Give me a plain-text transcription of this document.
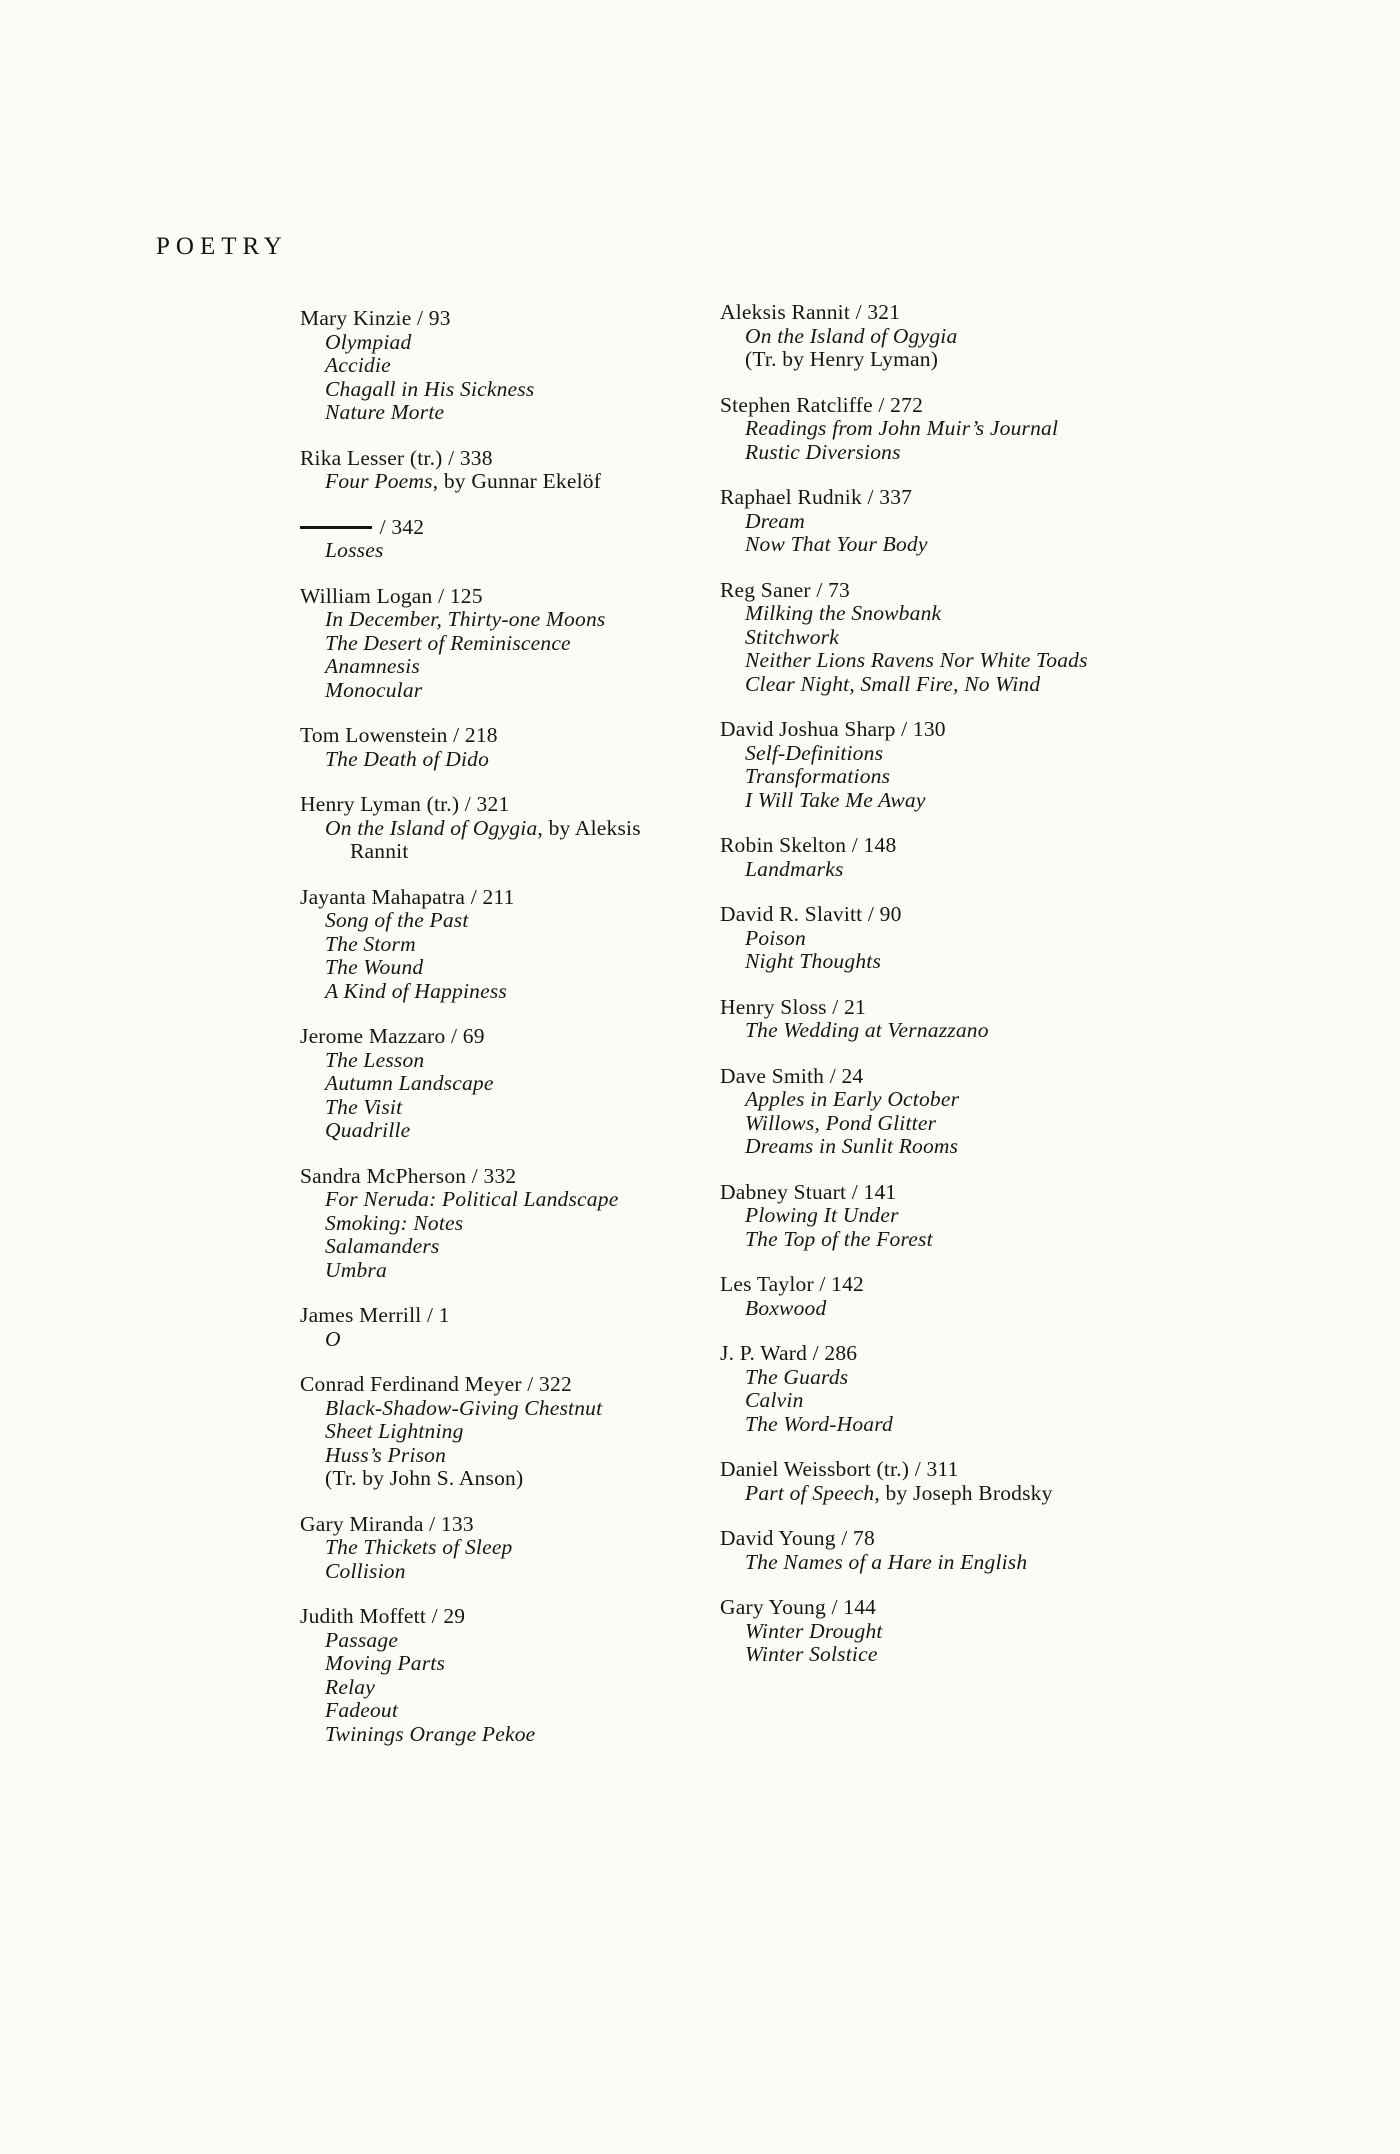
POETRY
Mary Kinzie / 93
Olympiad
Accidie
Chagall in His Sickness
Nature Morte
Rika Lesser (tr.) / 338
Four Poems, by Gunnar Ekelöf
/ 342
Losses
William Logan / 125
In December, Thirty-one Moons
The Desert of Reminiscence
Anamnesis
Monocular
Tom Lowenstein / 218
The Death of Dido
Henry Lyman (tr.) / 321
On the Island of Ogygia, by Aleksis
Rannit
Jayanta Mahapatra / 211
Song of the Past
The Storm
The Wound
A Kind of Happiness
Jerome Mazzaro / 69
The Lesson
Autumn Landscape
The Visit
Quadrille
Sandra McPherson / 332
For Neruda: Political Landscape
Smoking: Notes
Salamanders
Umbra
James Merrill / 1
O
Conrad Ferdinand Meyer / 322
Black-Shadow-Giving Chestnut
Sheet Lightning
Huss’s Prison
(Tr. by John S. Anson)
Gary Miranda / 133
The Thickets of Sleep
Collision
Judith Moffett / 29
Passage
Moving Parts
Relay
Fadeout
Twinings Orange Pekoe
Aleksis Rannit / 321
On the Island of Ogygia
(Tr. by Henry Lyman)
Stephen Ratcliffe / 272
Readings from John Muir’s Journal
Rustic Diversions
Raphael Rudnik / 337
Dream
Now That Your Body
Reg Saner / 73
Milking the Snowbank
Stitchwork
Neither Lions Ravens Nor White Toads
Clear Night, Small Fire, No Wind
David Joshua Sharp / 130
Self-Definitions
Transformations
I Will Take Me Away
Robin Skelton / 148
Landmarks
David R. Slavitt / 90
Poison
Night Thoughts
Henry Sloss / 21
The Wedding at Vernazzano
Dave Smith / 24
Apples in Early October
Willows, Pond Glitter
Dreams in Sunlit Rooms
Dabney Stuart / 141
Plowing It Under
The Top of the Forest
Les Taylor / 142
Boxwood
J. P. Ward / 286
The Guards
Calvin
The Word-Hoard
Daniel Weissbort (tr.) / 311
Part of Speech, by Joseph Brodsky
David Young / 78
The Names of a Hare in English
Gary Young / 144
Winter Drought
Winter Solstice
